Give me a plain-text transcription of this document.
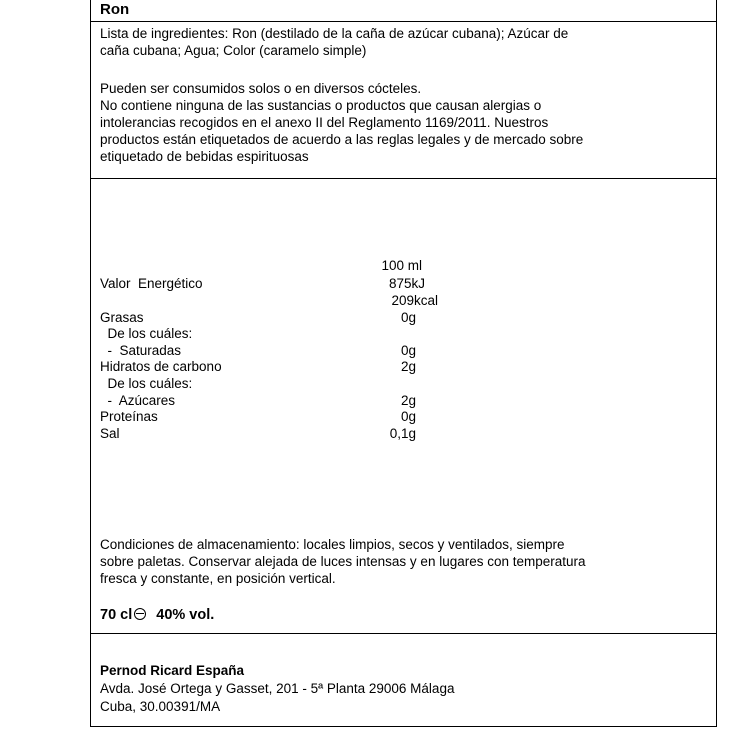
Ron
Lista de ingredientes: Ron (destilado de la caña de azúcar cubana); Azúcar de
caña cubana; Agua; Color (caramelo simple)
Pueden ser consumidos solos o en diversos cócteles.
No contiene ninguna de las sustancias o productos que causan alergias o
intolerancias recogidos en el anexo II del Reglamento 1169/2011. Nuestros
productos están etiquetados de acuerdo a las reglas legales y de mercado sobre
etiquetado de bebidas espirituosas
100 ml
Valor  Energético	875kJ
209kcal
Grasas	0g
De los cuáles:
-  Saturadas	0g
Hidratos de carbono	2g
De los cuáles:
-  Azúcares	2g
Proteínas	0g
Sal	0,1g
Condiciones de almacenamiento: locales limpios, secos y ventilados, siempre
sobre paletas. Conservar alejada de luces intensas y en lugares con temperatura
fresca y constante, en posición vertical.
70 cl 40% vol.
Pernod Ricard España
Avda. José Ortega y Gasset, 201 - 5ª Planta 29006 Málaga
Cuba, 30.00391/MA
